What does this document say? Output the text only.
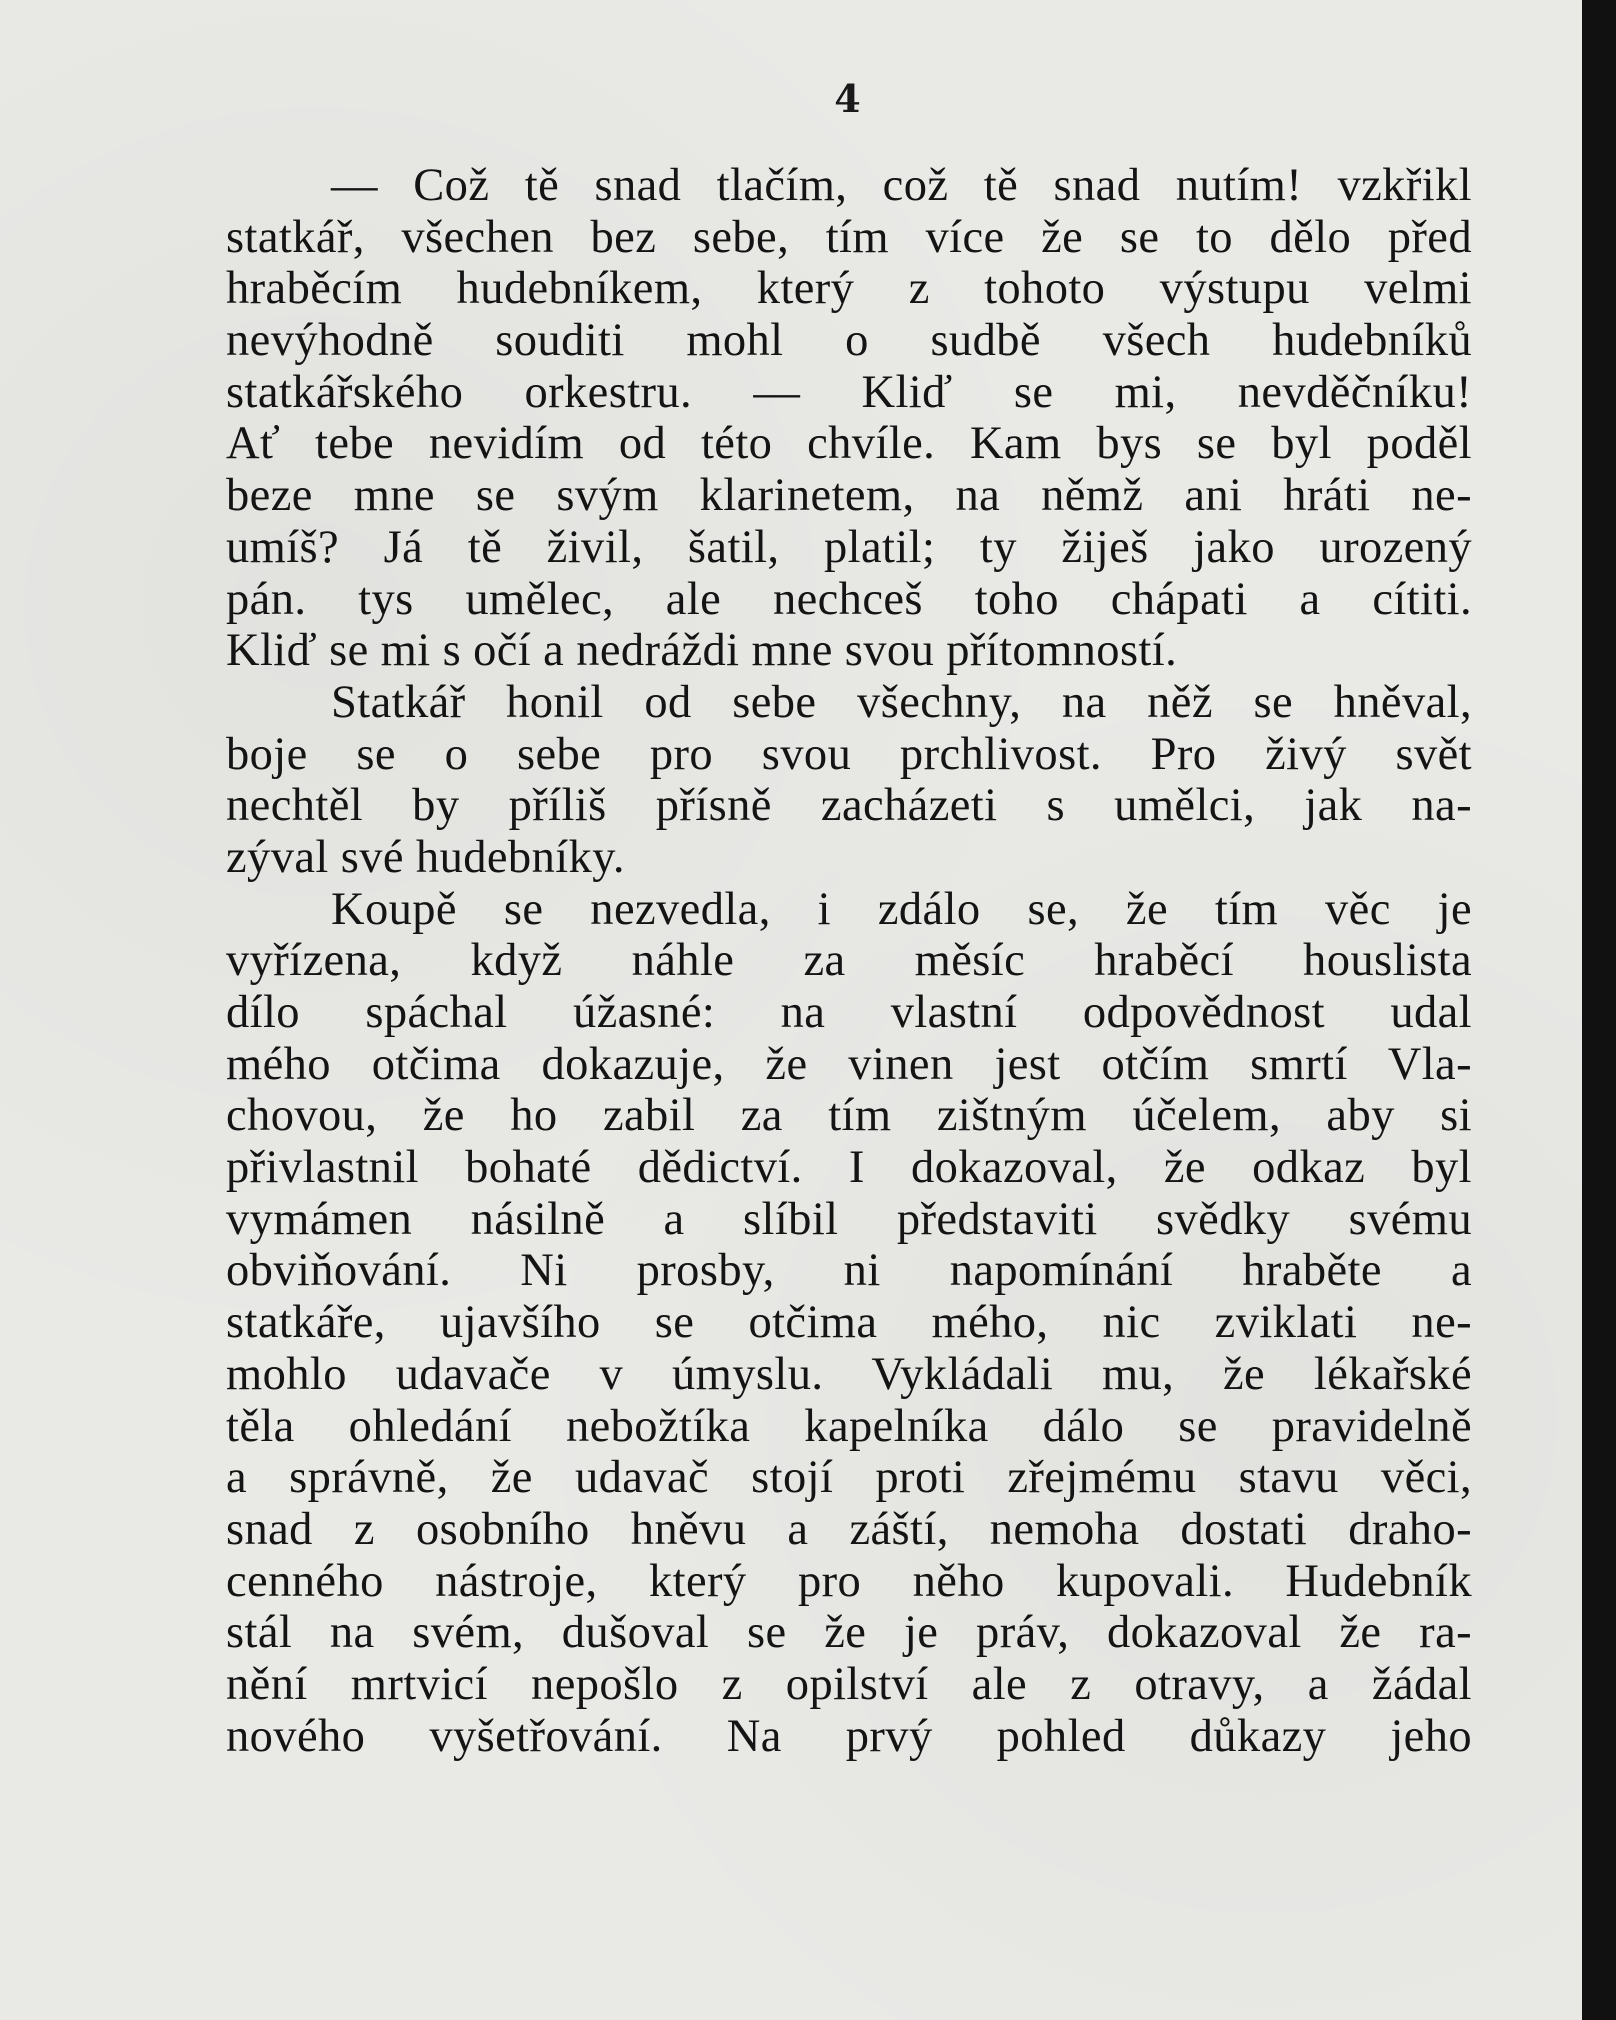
4
— Což tě snad tlačím, což tě snad nutím! vzkřikl
statkář, všechen bez sebe, tím více že se to dělo před
hraběcím hudebníkem, který z tohoto výstupu velmi
nevýhodně souditi mohl o sudbě všech hudebníků
statkářského orkestru. — Kliď se mi, nevděčníku!
Ať tebe nevidím od této chvíle. Kam bys se byl poděl
beze mne se svým klarinetem, na němž ani hráti ne-
umíš? Já tě živil, šatil, platil; ty žiješ jako urozený
pán. tys umělec, ale nechceš toho chápati a cítiti.
Kliď se mi s očí a nedráždi mne svou přítomností.
Statkář honil od sebe všechny, na něž se hněval,
boje se o sebe pro svou prchlivost. Pro živý svět
nechtěl by příliš přísně zacházeti s umělci, jak na-
zýval své hudebníky.
Koupě se nezvedla, i zdálo se, že tím věc je
vyřízena, když náhle za měsíc hraběcí houslista
dílo spáchal úžasné: na vlastní odpovědnost udal
mého otčima dokazuje, že vinen jest otčím smrtí Vla-
chovou, že ho zabil za tím zištným účelem, aby si
přivlastnil bohaté dědictví. I dokazoval, že odkaz byl
vymámen násilně a slíbil představiti svědky svému
obviňování. Ni prosby, ni napomínání hraběte a
statkáře, ujavšího se otčima mého, nic zviklati ne-
mohlo udavače v úmyslu. Vykládali mu, že lékařské
těla ohledání nebožtíka kapelníka dálo se pravidelně
a správně, že udavač stojí proti zřejmému stavu věci,
snad z osobního hněvu a záští, nemoha dostati draho-
cenného nástroje, který pro něho kupovali. Hudebník
stál na svém, dušoval se že je práv, dokazoval že ra-
nění mrtvicí nepošlo z opilství ale z otravy, a žádal
nového vyšetřování. Na prvý pohled důkazy jeho
